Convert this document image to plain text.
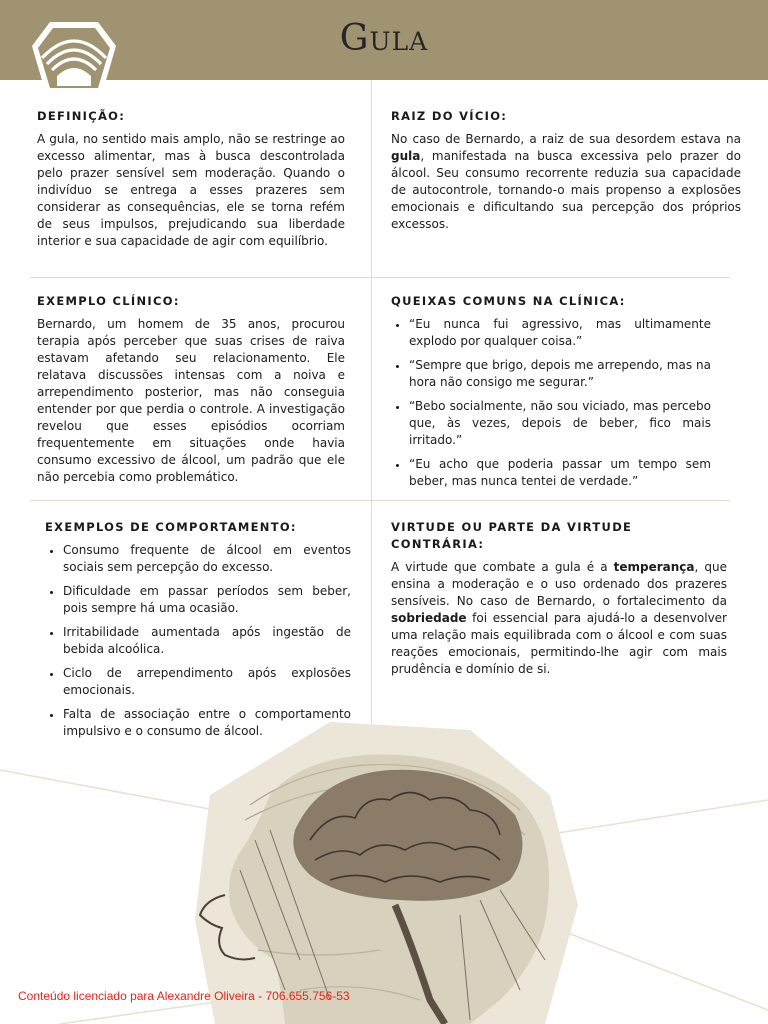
Gula
DEFINIÇÃO:

A gula, no sentido mais amplo, não se restringe ao excesso alimentar, mas à busca descontrolada pelo prazer sensível sem moderação. Quando o indivíduo se entrega a esses prazeres sem considerar as consequências, ele se torna refém de seus impulsos, prejudicando sua liberdade interior e sua capacidade de agir com equilíbrio.

RAIZ DO VÍCIO:

No caso de Bernardo, a raiz de sua desordem estava na gula, manifestada na busca excessiva pelo prazer do álcool. Seu consumo recorrente reduzia sua capacidade de autocontrole, tornando-o mais propenso a explosões emocionais e dificultando sua percepção dos próprios excessos.

EXEMPLO CLÍNICO:

Bernardo, um homem de 35 anos, procurou terapia após perceber que suas crises de raiva estavam afetando seu relacionamento. Ele relatava discussões intensas com a noiva e arrependimento posterior, mas não conseguia entender por que perdia o controle. A investigação revelou que esses episódios ocorriam frequentemente em situações onde havia consumo excessivo de álcool, um padrão que ele não percebia como problemático.

QUEIXAS COMUNS NA CLÍNICA:
• “Eu nunca fui agressivo, mas ultimamente explodo por qualquer coisa.”
• “Sempre que brigo, depois me arrependo, mas na hora não consigo me segurar.”
• “Bebo socialmente, não sou viciado, mas percebo que, às vezes, depois de beber, fico mais irritado.”
• “Eu acho que poderia passar um tempo sem beber, mas nunca tentei de verdade.”
EXEMPLOS DE COMPORTAMENTO:
• Consumo frequente de álcool em eventos sociais sem percepção do excesso.
• Dificuldade em passar períodos sem beber, pois sempre há uma ocasião.
• Irritabilidade aumentada após ingestão de bebida alcoólica.
• Ciclo de arrependimento após explosões emocionais.
• Falta de associação entre o comportamento impulsivo e o consumo de álcool.
VIRTUDE OU PARTE DA VIRTUDE CONTRÁRIA:

A virtude que combate a gula é a temperança, que ensina a moderação e o uso ordenado dos prazeres sensíveis. No caso de Bernardo, o fortalecimento da sobriedade foi essencial para ajudá-lo a desenvolver uma relação mais equilibrada com o álcool e com suas reações emocionais, permitindo-lhe agir com mais prudência e domínio de si.

Conteúdo licenciado para Alexandre Oliveira - 706.655.756-53
